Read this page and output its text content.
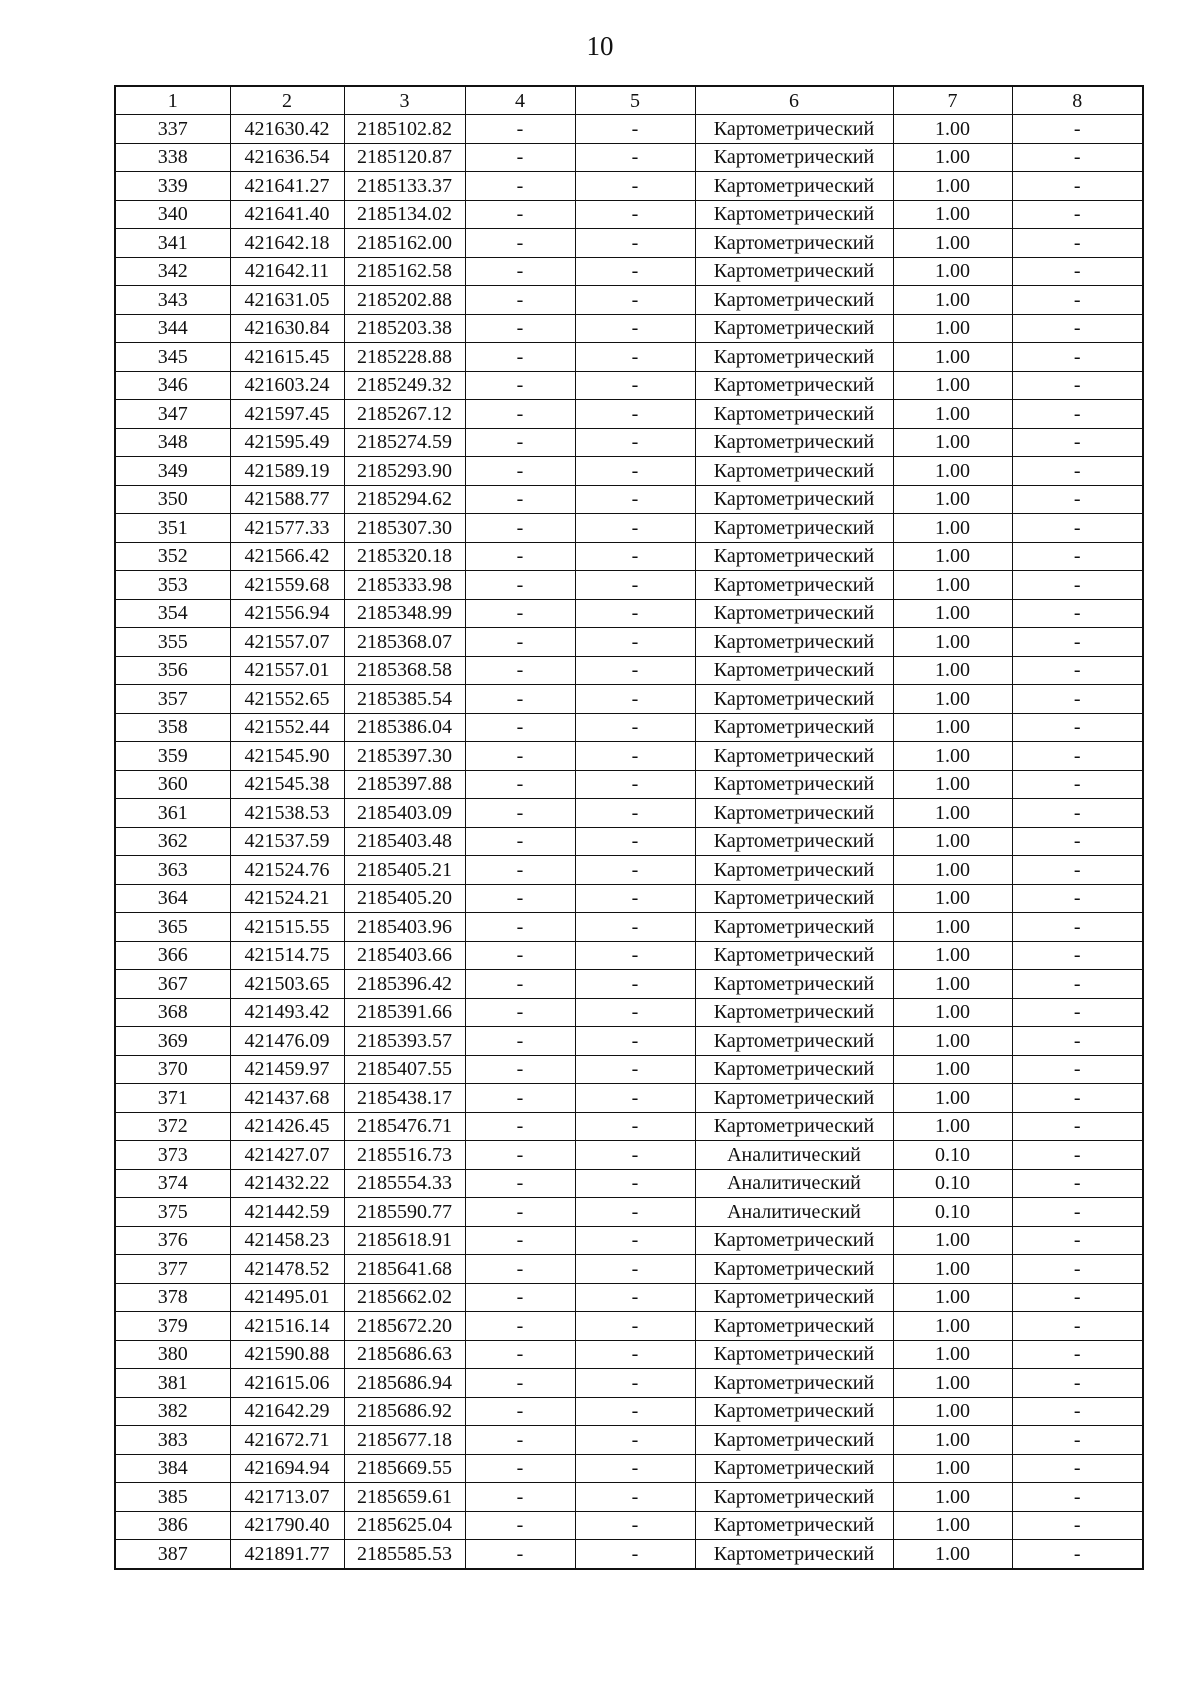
10
1	2	3	4	5	6	7	8
337	421630.42	2185102.82	-	-	Картометрический	1.00	-
338	421636.54	2185120.87	-	-	Картометрический	1.00	-
339	421641.27	2185133.37	-	-	Картометрический	1.00	-
340	421641.40	2185134.02	-	-	Картометрический	1.00	-
341	421642.18	2185162.00	-	-	Картометрический	1.00	-
342	421642.11	2185162.58	-	-	Картометрический	1.00	-
343	421631.05	2185202.88	-	-	Картометрический	1.00	-
344	421630.84	2185203.38	-	-	Картометрический	1.00	-
345	421615.45	2185228.88	-	-	Картометрический	1.00	-
346	421603.24	2185249.32	-	-	Картометрический	1.00	-
347	421597.45	2185267.12	-	-	Картометрический	1.00	-
348	421595.49	2185274.59	-	-	Картометрический	1.00	-
349	421589.19	2185293.90	-	-	Картометрический	1.00	-
350	421588.77	2185294.62	-	-	Картометрический	1.00	-
351	421577.33	2185307.30	-	-	Картометрический	1.00	-
352	421566.42	2185320.18	-	-	Картометрический	1.00	-
353	421559.68	2185333.98	-	-	Картометрический	1.00	-
354	421556.94	2185348.99	-	-	Картометрический	1.00	-
355	421557.07	2185368.07	-	-	Картометрический	1.00	-
356	421557.01	2185368.58	-	-	Картометрический	1.00	-
357	421552.65	2185385.54	-	-	Картометрический	1.00	-
358	421552.44	2185386.04	-	-	Картометрический	1.00	-
359	421545.90	2185397.30	-	-	Картометрический	1.00	-
360	421545.38	2185397.88	-	-	Картометрический	1.00	-
361	421538.53	2185403.09	-	-	Картометрический	1.00	-
362	421537.59	2185403.48	-	-	Картометрический	1.00	-
363	421524.76	2185405.21	-	-	Картометрический	1.00	-
364	421524.21	2185405.20	-	-	Картометрический	1.00	-
365	421515.55	2185403.96	-	-	Картометрический	1.00	-
366	421514.75	2185403.66	-	-	Картометрический	1.00	-
367	421503.65	2185396.42	-	-	Картометрический	1.00	-
368	421493.42	2185391.66	-	-	Картометрический	1.00	-
369	421476.09	2185393.57	-	-	Картометрический	1.00	-
370	421459.97	2185407.55	-	-	Картометрический	1.00	-
371	421437.68	2185438.17	-	-	Картометрический	1.00	-
372	421426.45	2185476.71	-	-	Картометрический	1.00	-
373	421427.07	2185516.73	-	-	Аналитический	0.10	-
374	421432.22	2185554.33	-	-	Аналитический	0.10	-
375	421442.59	2185590.77	-	-	Аналитический	0.10	-
376	421458.23	2185618.91	-	-	Картометрический	1.00	-
377	421478.52	2185641.68	-	-	Картометрический	1.00	-
378	421495.01	2185662.02	-	-	Картометрический	1.00	-
379	421516.14	2185672.20	-	-	Картометрический	1.00	-
380	421590.88	2185686.63	-	-	Картометрический	1.00	-
381	421615.06	2185686.94	-	-	Картометрический	1.00	-
382	421642.29	2185686.92	-	-	Картометрический	1.00	-
383	421672.71	2185677.18	-	-	Картометрический	1.00	-
384	421694.94	2185669.55	-	-	Картометрический	1.00	-
385	421713.07	2185659.61	-	-	Картометрический	1.00	-
386	421790.40	2185625.04	-	-	Картометрический	1.00	-
387	421891.77	2185585.53	-	-	Картометрический	1.00	-
